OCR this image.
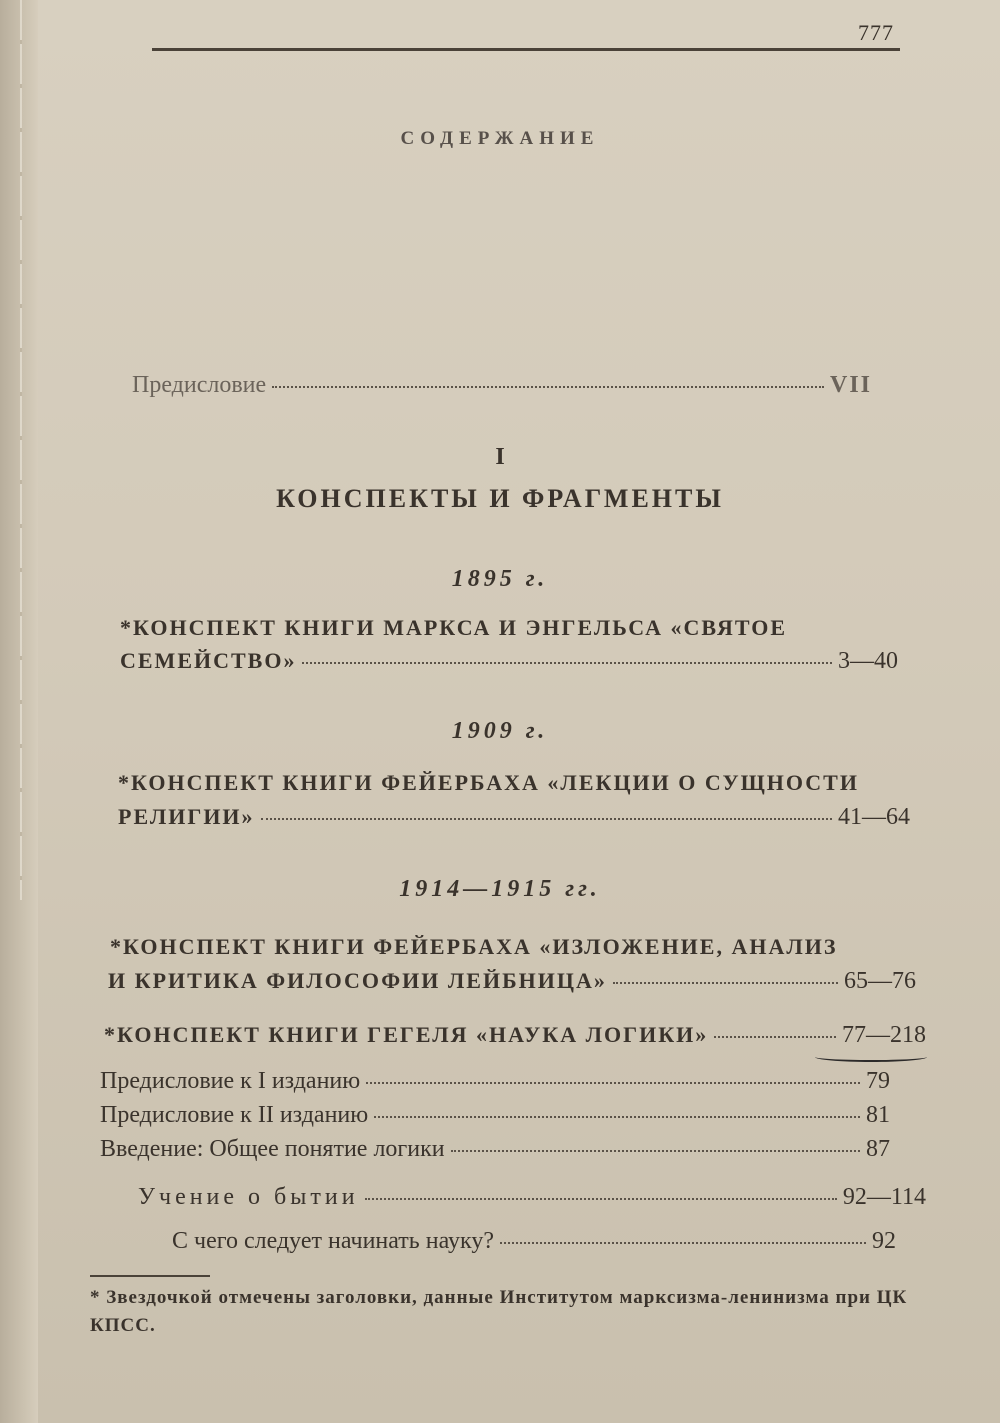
777
СОДЕРЖАНИЕ
Предисловие	VII
I
КОНСПЕКТЫ И ФРАГМЕНТЫ
1895 г.
*КОНСПЕКТ КНИГИ МАРКСА И ЭНГЕЛЬСА «СВЯТОЕ
СЕМЕЙСТВО»	3—40
1909 г.
*КОНСПЕКТ КНИГИ ФЕЙЕРБАХА «ЛЕКЦИИ О СУЩНОСТИ
РЕЛИГИИ»	41—64
1914—1915 гг.
*КОНСПЕКТ КНИГИ ФЕЙЕРБАХА «ИЗЛОЖЕНИЕ, АНАЛИЗ
И КРИТИКА ФИЛОСОФИИ ЛЕЙБНИЦА»	65—76
*КОНСПЕКТ КНИГИ ГЕГЕЛЯ «НАУКА ЛОГИКИ»	77—218
Предисловие к I изданию	79
Предисловие к II изданию	81
Введение: Общее понятие логики	87
Учение о бытии	92—114
С чего следует начинать науку?	92
* Звездочкой отмечены заголовки, данные Институтом марксизма-ленинизма при ЦК КПСС.
